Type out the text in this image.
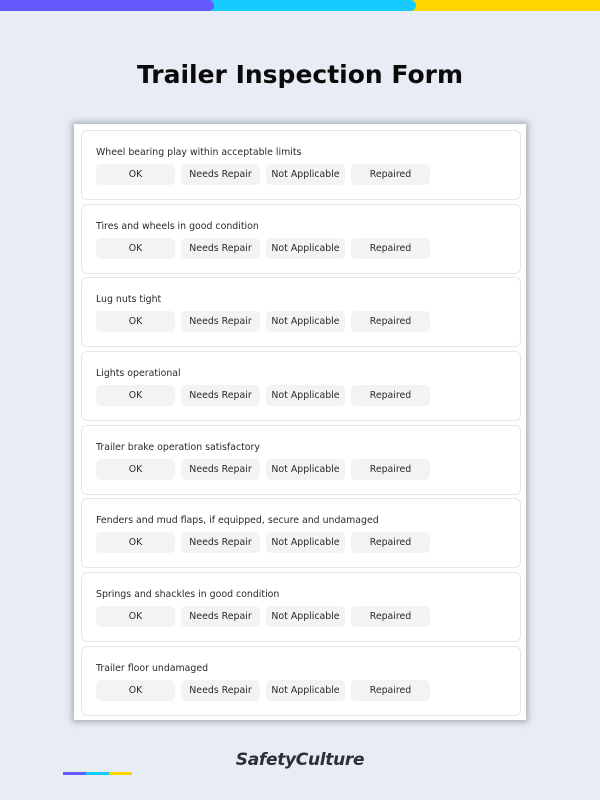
Trailer Inspection Form
Wheel bearing play within acceptable limits
OK	Needs Repair	Not Applicable	Repaired
Tires and wheels in good condition
OK	Needs Repair	Not Applicable	Repaired
Lug nuts tight
OK	Needs Repair	Not Applicable	Repaired
Lights operational
OK	Needs Repair	Not Applicable	Repaired
Trailer brake operation satisfactory
OK	Needs Repair	Not Applicable	Repaired
Fenders and mud flaps, if equipped, secure and undamaged
OK	Needs Repair	Not Applicable	Repaired
Springs and shackles in good condition
OK	Needs Repair	Not Applicable	Repaired
Trailer floor undamaged
OK	Needs Repair	Not Applicable	Repaired
SafetyCulture
